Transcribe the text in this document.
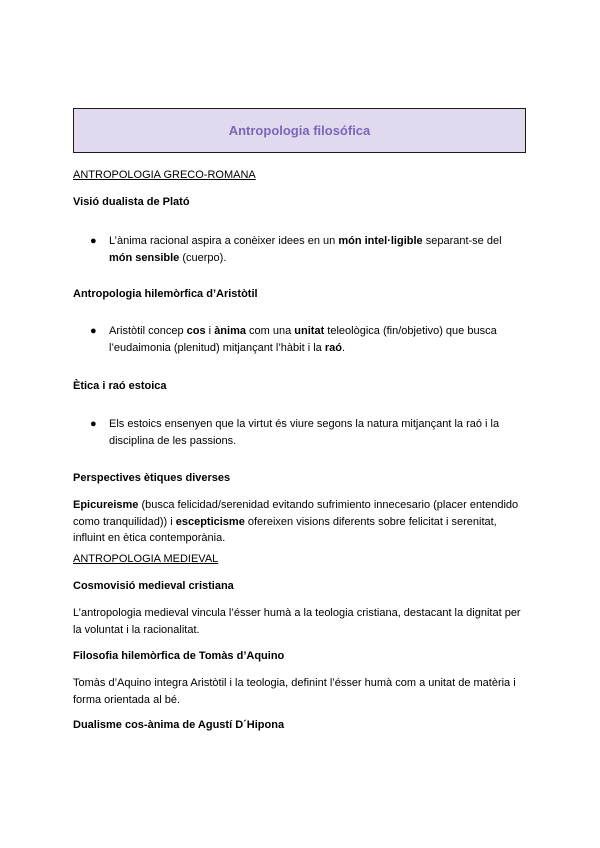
Antropologia filosófica
ANTROPOLOGIA GRECO-ROMANA
Visió dualista de Plató
● L’ànima racional aspira a conèixer idees en un món intel·ligible separant-se del
món sensible (cuerpo).
Antropologia hilemòrfica d’Aristòtil
● Aristòtil concep cos i ànima com una unitat teleològica (fin/objetivo) que busca
l’eudaimonia (plenitud) mitjançant l’hàbit i la raó.
Ètica i raó estoica
● Els estoics ensenyen que la virtut és viure segons la natura mitjançant la raó i la
disciplina de les passions.
Perspectives ètiques diverses
Epicureisme (busca felicidad/serenidad evitando sufrimiento innecesario (placer entendido
como tranquilidad)) i escepticisme ofereixen visions diferents sobre felicitat i serenitat,
influint en ètica contemporània.
ANTROPOLOGIA MEDIEVAL
Cosmovisió medieval cristiana
L’antropologia medieval vincula l’ésser humà a la teologia cristiana, destacant la dignitat per
la voluntat i la racionalitat.
Filosofia hilemòrfica de Tomàs d’Aquino
Tomàs d’Aquino integra Aristòtil i la teologia, definint l’ésser humà com a unitat de matèria i
forma orientada al bé.
Dualisme cos-ànima de Agustí D´Hipona
